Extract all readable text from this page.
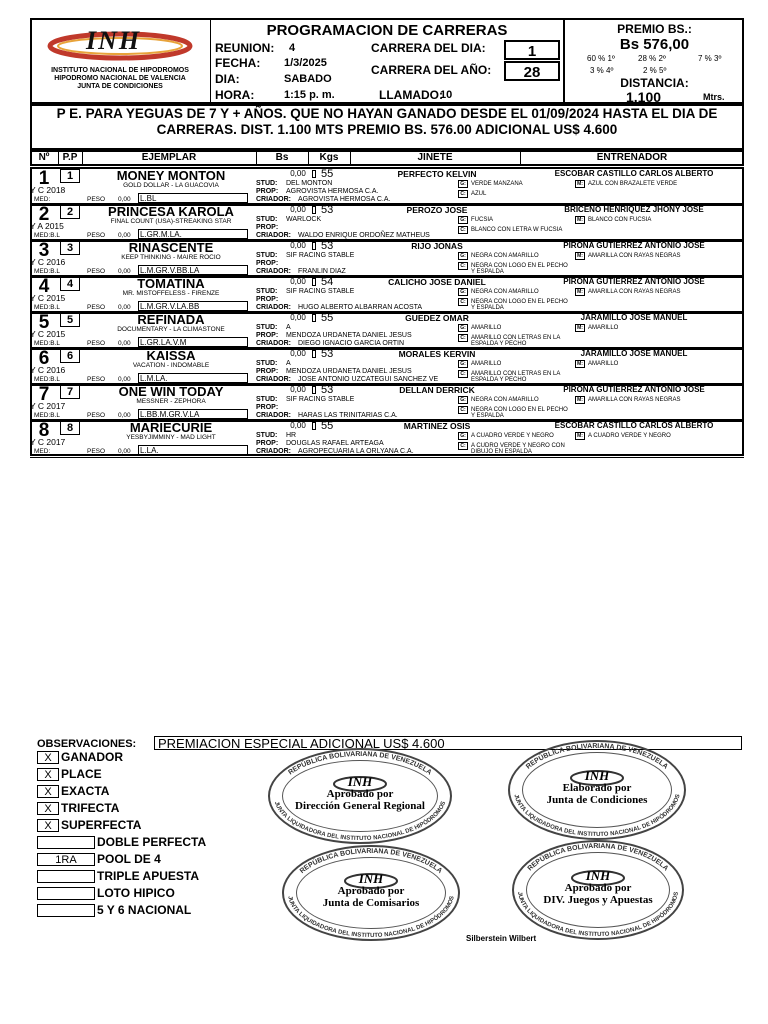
INH
INSTITUTO NACIONAL DE HIPODROMOS
HIPODROMO NACIONAL DE VALENCIA
JUNTA DE CONDICIONES
PROGRAMACION DE CARRERAS
REUNION: 4
FECHA: 1/3/2025
DIA:	SABADO
HORA:	1:15 p. m.
CARRERA DEL DIA:	1
CARRERA DEL AÑO:	28
LLAMADO:
10
PREMIO BS.:
Bs 576,00
60 % 1º	28 % 2º	7 % 3º
3 % 4º	2 % 5º
DISTANCIA:
1.100	Mtrs.
P E. PARA YEGUAS DE 7 Y + AÑOS. QUE NO HAYAN GANADO DESDE EL 01/09/2024 HASTA EL DIA DE CARRERAS. DIST. 1.100 MTS PREMIO BS. 576.00 ADICIONAL US$ 4.600
Nº	P.P	EJEMPLAR	Bs	Kgs	JINETE	ENTRENADOR
1	1
Y C 2018
MED:
MONEY MONTON
GOLD DOLLAR - LA GUACOVIA
PESO 0,00 L.BL
0,00	55	PERFECTO KELVIN	ESCOBAR CASTILLO CARLOS ALBERTO
STUD: DEL MONTON
PROP: AGROVISTA HERMOSA C.A.
CRIADOR: AGROVISTA HERMOSA C.A.
G: VERDE MANZANA
C: AZUL
M: AZUL CON BRAZALETE VERDE
2	2
Y A 2015
MED:B.L
PRINCESA KAROLA
FINAL COUNT (USA)-STREAKING STAR
PESO 0,00 L.GR.M.LA.
0,00	53	PEROZO JOSE	BRICEÑO HENRIQUEZ JHONY JOSE
STUD: WARLOCK
PROP:
CRIADOR: WALDO ENRIQUE ORDOÑEZ MATHEUS
G: FUCSIA
C: BLANCO CON LETRA W FUCSIA
M: BLANCO CON FUCSIA
3	3
Y C 2016
MED:B.L
RINASCENTE
KEEP THINKING - MAIRE ROCIO
PESO 0,00 L.M.GR.V.BB.LA
0,00	53	RIJO JONAS	PIRONA GUTIERREZ ANTONIO JOSE
STUD: SIF RACING STABLE
PROP:
CRIADOR: FRANLIN DIAZ
G: NEGRA CON AMARILLO
C: NEGRA CON LOGO EN EL PECHO Y ESPALDA
M: AMARILLA CON RAYAS NEGRAS
4	4
Y C 2015
MED:B.L
TOMATINA
MR. MISTOFFELESS - FIRENZE
PESO 0,00 L.M.GR.V.LA.BB
0,00	54	CALICHO JOSE DANIEL	PIRONA GUTIERREZ ANTONIO JOSE
STUD: SIF RACING STABLE
PROP:
CRIADOR: HUGO ALBERTO ALBARRAN ACOSTA
G: NEGRA CON AMARILLO
C: NEGRA CON LOGO EN EL PECHO Y ESPALDA
M: AMARILLA CON RAYAS NEGRAS
5	5
Y C 2015
MED:B.L
REFINADA
DOCUMENTARY - LA CLIMASTONE
PESO 0,00 L.GR.LA.V.M
0,00	55	GUEDEZ OMAR	JARAMILLO JOSE MANUEL
STUD: A
PROP: MENDOZA URDANETA DANIEL JESUS
CRIADOR: DIEGO IGNACIO GARCIA ORTIN
G: AMARILLO
C: AMARILLO CON LETRAS EN LA ESPALDA Y PECHO
M: AMARILLO
6	6
Y C 2016
MED:B.L
KAISSA
VACATION - INDOMABLE
PESO 0,00 L.M.LA.
0,00	53	MORALES KERVIN	JARAMILLO JOSE MANUEL
STUD: A
PROP: MENDOZA URDANETA DANIEL JESUS
CRIADOR: JOSE ANTONIO UZCATEGUI SANCHEZ VE
G: AMARILLO
C: AMARILLO CON LETRAS EN LA ESPALDA Y PECHO
M: AMARILLO
7	7
Y C 2017
MED:B.L
ONE WIN TODAY
MESSNER - ZEPHORA
PESO 0,00 L.BB.M.GR.V.LA
0,00	53	DELLAN DERRICK	PIRONA GUTIERREZ ANTONIO JOSE
STUD: SIF RACING STABLE
PROP:
CRIADOR: HARAS LAS TRINITARIAS C.A.
G: NEGRA CON AMARILLO
C: NEGRA CON LOGO EN EL PECHO Y ESPALDA
M: AMARILLA CON RAYAS NEGRAS
8	8
Y C 2017
MED:
MARIECURIE
YESBYJIMMINY - MAD LIGHT
PESO 0,00 L.LA.
0,00	55	MARTINEZ OSIS	ESCOBAR CASTILLO CARLOS ALBERTO
STUD: HR
PROP: DOUGLAS RAFAEL ARTEAGA
CRIADOR: AGROPECUARIA LA ORLYANA C.A.
G: A CUADRO VERDE Y NEGRO
C: A CUDRO VERDE Y NEGRO CON DIBUJO EN ESPALDA
M: A CUADRO VERDE Y NEGRO
OBSERVACIONES: PREMIACION ESPECIAL ADICIONAL US$ 4.600
X GANADOR
X PLACE
X EXACTA
X TRIFECTA
X SUPERFECTA
DOBLE PERFECTA
1RA	POOL DE 4
TRIPLE APUESTA
LOTO HIPICO
5 Y 6 NACIONAL
REPÚBLICA BOLIVARIANA DE VENEZUELA
JUNTA LIQUIDADORA DEL INSTITUTO NACIONAL DE HIPÓDROMOS
INH
Aprobado por
Dirección General Regional
REPÚBLICA BOLIVARIANA DE VENEZUELA
JUNTA LIQUIDADORA DEL INSTITUTO NACIONAL DE HIPÓDROMOS
INH
Elaborado por
Junta de Condiciones
REPÚBLICA BOLIVARIANA DE VENEZUELA
JUNTA LIQUIDADORA DEL INSTITUTO NACIONAL DE HIPÓDROMOS
INH
Aprobado por
Junta de Comisarios
REPÚBLICA BOLIVARIANA DE VENEZUELA
JUNTA LIQUIDADORA DEL INSTITUTO NACIONAL DE HIPÓDROMOS
INH
Aprobado por
DIV. Juegos y Apuestas
Silberstein Wilbert
